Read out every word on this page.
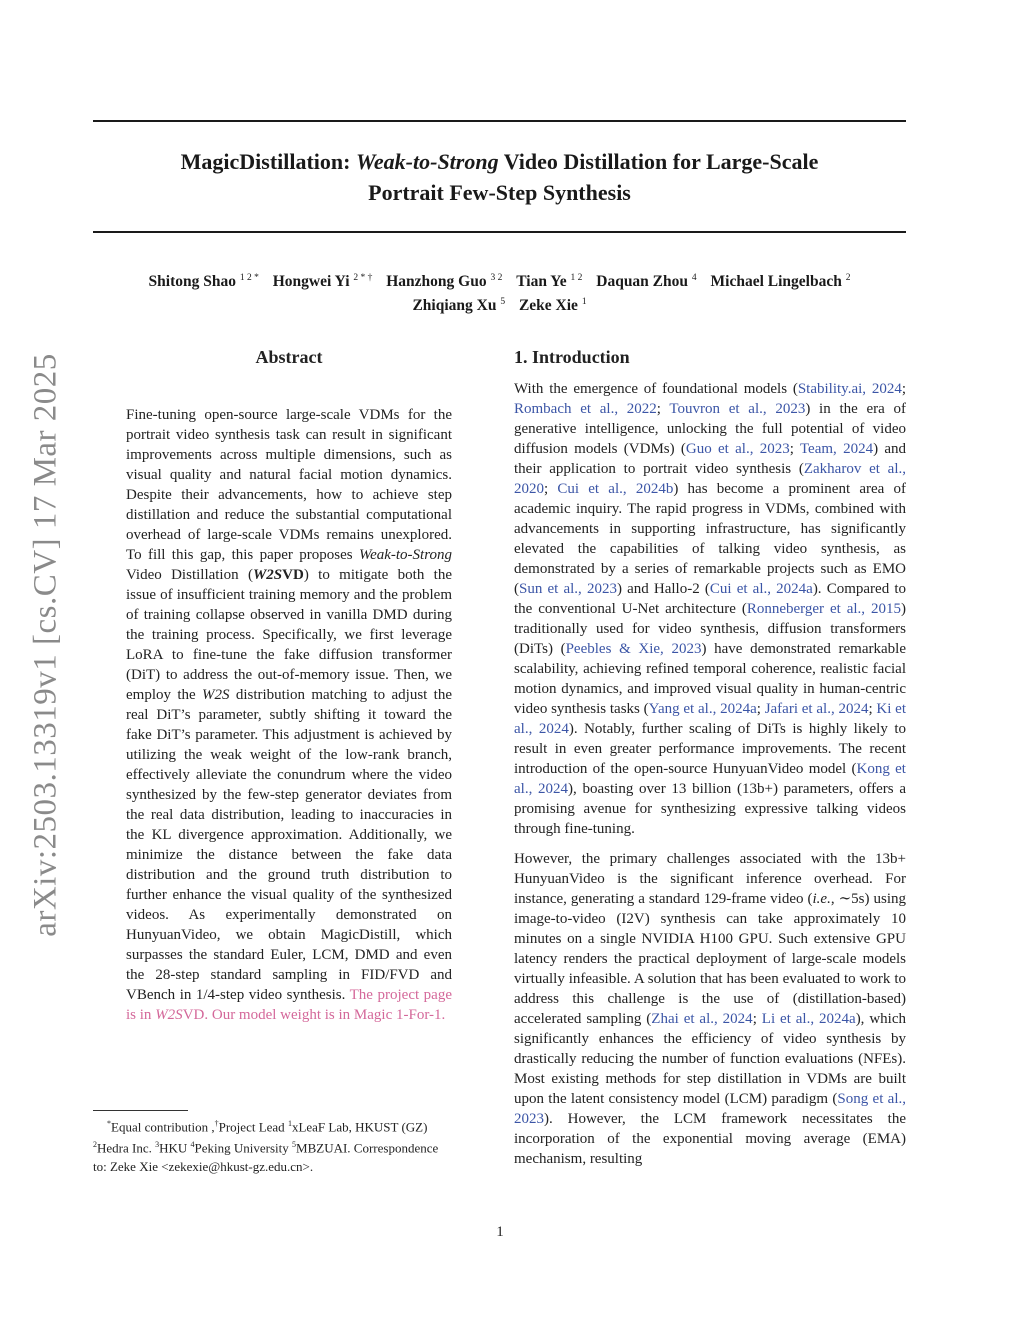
MagicDistillation: Weak-to-Strong Video Distillation for Large-Scale
Portrait Few-Step Synthesis
Shitong Shao $^{1 2 *}$ Hongwei Yi $^{2 * \dagger}$ Hanzhong Guo $^{3 2}$ Tian Ye $^{1 2}$ Daquan Zhou $^4$ Michael Lingelbach $^2$
Zhiqiang Xu $^5$ Zeke Xie $^1$
arXiv:2503.13319v1 [cs.CV] 17 Mar 2025	Abstract
Fine-tuning open-source large-scale VDMs for the portrait video synthesis task can result in significant improvements across multiple dimensions, such as visual quality and natural facial motion dynamics. Despite their advancements, how to achieve step distillation and reduce the substantial computational overhead of large-scale VDMs remains unexplored. To fill this gap, this paper proposes Weak-to-Strong Video Distillation (W2SVD) to mitigate both the issue of insufficient training memory and the problem of training collapse observed in vanilla DMD during the training process. Specifically, we first leverage LoRA to fine-tune the fake diffusion transformer (DiT) to address the out-of-memory issue. Then, we employ the W2S distribution matching to adjust the real DiT’s parameter, subtly shifting it toward the fake DiT’s parameter. This adjustment is achieved by utilizing the weak weight of the low-rank branch, effectively alleviate the conundrum where the video synthesized by the few-step generator deviates from the real data distribution, leading to inaccuracies in the KL divergence approximation. Additionally, we minimize the distance between the fake data distribution and the ground truth distribution to further enhance the visual quality of the synthesized videos. As experimentally demonstrated on HunyuanVideo, we obtain MagicDistill, which surpasses the standard Euler, LCM, DMD and even the 28-step standard sampling in FID/FVD and VBench in 1/4-step video synthesis. The project page is in W2SVD. Our model weight is in Magic 1-For-1.
1. Introduction

With the emergence of foundational models (Stability.ai, 2024; Rombach et al., 2022; Touvron et al., 2023) in the era of generative intelligence, unlocking the full potential of video diffusion models (VDMs) (Guo et al., 2023; Team, 2024) and their application to portrait video synthesis (Zakharov et al., 2020; Cui et al., 2024b) has become a prominent area of academic inquiry. The rapid progress in VDMs, combined with advancements in supporting infrastructure, has significantly elevated the capabilities of talking video synthesis, as demonstrated by a series of remarkable projects such as EMO (Sun et al., 2023) and Hallo-2 (Cui et al., 2024a). Compared to the conventional U-Net architecture (Ronneberger et al., 2015) traditionally used for video synthesis, diffusion transformers (DiTs) (Peebles & Xie, 2023) have demonstrated remarkable scalability, achieving refined temporal coherence, realistic facial motion dynamics, and improved visual quality in human-centric video synthesis tasks (Yang et al., 2024a; Jafari et al., 2024; Ki et al., 2024). Notably, further scaling of DiTs is highly likely to result in even greater performance improvements. The recent introduction of the open-source HunyuanVideo model (Kong et al., 2024), boasting over 13 billion (13b+) parameters, offers a promising avenue for synthesizing expressive talking videos through fine-tuning.

However, the primary challenges associated with the 13b+ HunyuanVideo is the significant inference overhead. For instance, generating a standard 129-frame video (i.e., ∼5s) using image-to-video (I2V) synthesis can take approximately 10 minutes on a single NVIDIA H100 GPU. Such extensive GPU latency renders the practical deployment of large-scale models virtually infeasible. A solution that has been evaluated to work to address this challenge is the use of (distillation-based) accelerated sampling (Zhai et al., 2024; Li et al., 2024a), which significantly enhances the efficiency of video synthesis by drastically reducing the number of function evaluations (NFEs). Most existing methods for step distillation in VDMs are built upon the latent consistency model (LCM) paradigm (Song et al., 2023). However, the LCM framework necessitates the incorporation of the exponential moving average (EMA) mechanism, resulting

*Equal contribution ,†Project Lead $^1$xLeaF Lab, HKUST (GZ)
$^2$Hedra Inc. $^3$HKU $^4$Peking University $^5$MBZUAI. Correspondence
to: Zeke Xie <zekexie@hkust-gz.edu.cn>.
1
